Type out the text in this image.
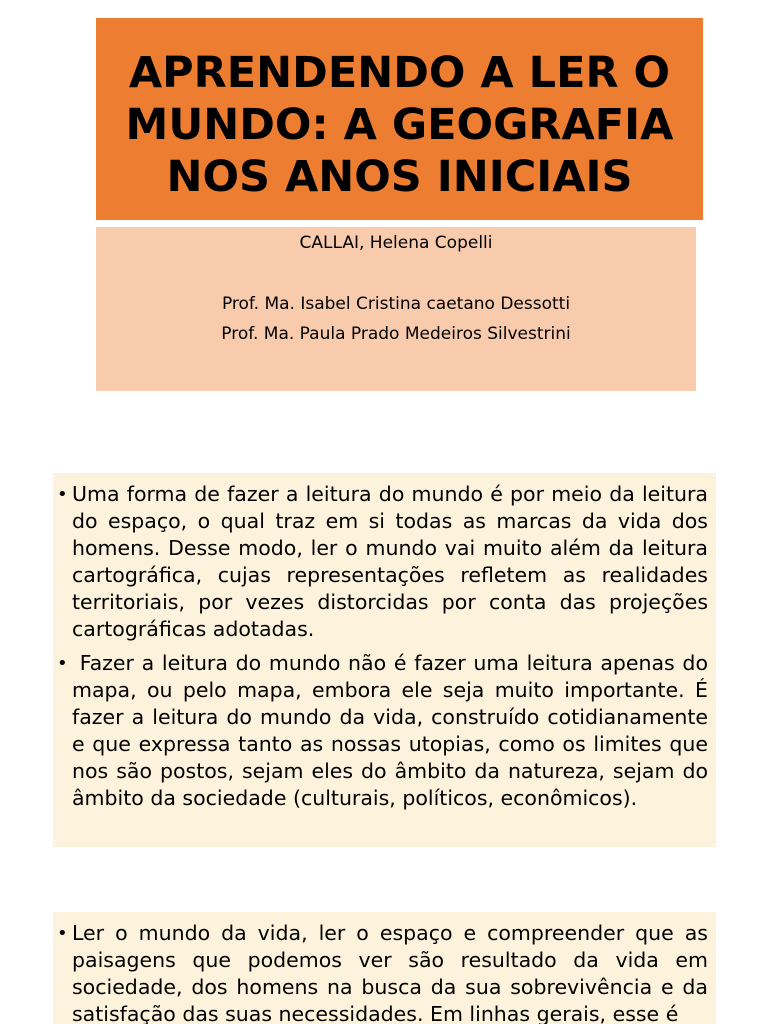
APRENDENDO A LER O
MUNDO: A GEOGRAFIA
NOS ANOS INICIAIS
CALLAI, Helena Copelli
Prof. Ma. Isabel Cristina caetano Dessotti
Prof. Ma. Paula Prado Medeiros Silvestrini
• Uma forma de fazer a leitura do mundo é por meio da leitura do espaço, o qual traz em si todas as marcas da vida dos homens. Desse modo, ler o mundo vai muito além da leitura cartográfica, cujas representações refletem as realidades territoriais, por vezes distorcidas por conta das projeções cartográficas adotadas.
• Fazer a leitura do mundo não é fazer uma leitura apenas do mapa, ou pelo mapa, embora ele seja muito importante. É fazer a leitura do mundo da vida, construído cotidianamente e que expressa tanto as nossas utopias, como os limites que nos são postos, sejam eles do âmbito da natureza, sejam do âmbito da sociedade (culturais, políticos, econômicos).
• Ler o mundo da vida, ler o espaço e compreender que as paisagens que podemos ver são resultado da vida em sociedade, dos homens na busca da sua sobrevivência e da satisfação das suas necessidades. Em linhas gerais, esse é
